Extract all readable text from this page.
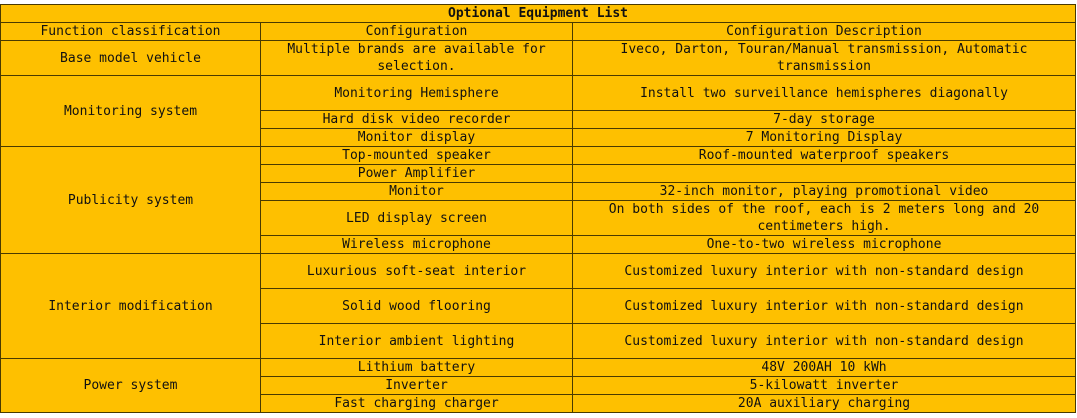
Optional Equipment List		
Function classification	Configuration	Configuration Description
Base model vehicle	Multiple brands are available for selection.	Iveco, Darton, Touran/Manual transmission, Automatic transmission
Monitoring system	Monitoring Hemisphere	Install two surveillance hemispheres diagonally
	Hard disk video recorder	7-day storage
	Monitor display	7 Monitoring Display
Publicity system	Top-mounted speaker	Roof-mounted waterproof speakers
	Power Amplifier	
	Monitor	32-inch monitor, playing promotional video
	LED display screen	On both sides of the roof, each is 2 meters long and 20 centimeters high.
	Wireless microphone	One-to-two wireless microphone
Interior modification	Luxurious soft-seat interior	Customized luxury interior with non-standard design
	Solid wood flooring	Customized luxury interior with non-standard design
	Interior ambient lighting	Customized luxury interior with non-standard design
Power system	Lithium battery	48V 200AH 10 kWh
	Inverter	5-kilowatt inverter
	Fast charging charger	20A auxiliary charging
